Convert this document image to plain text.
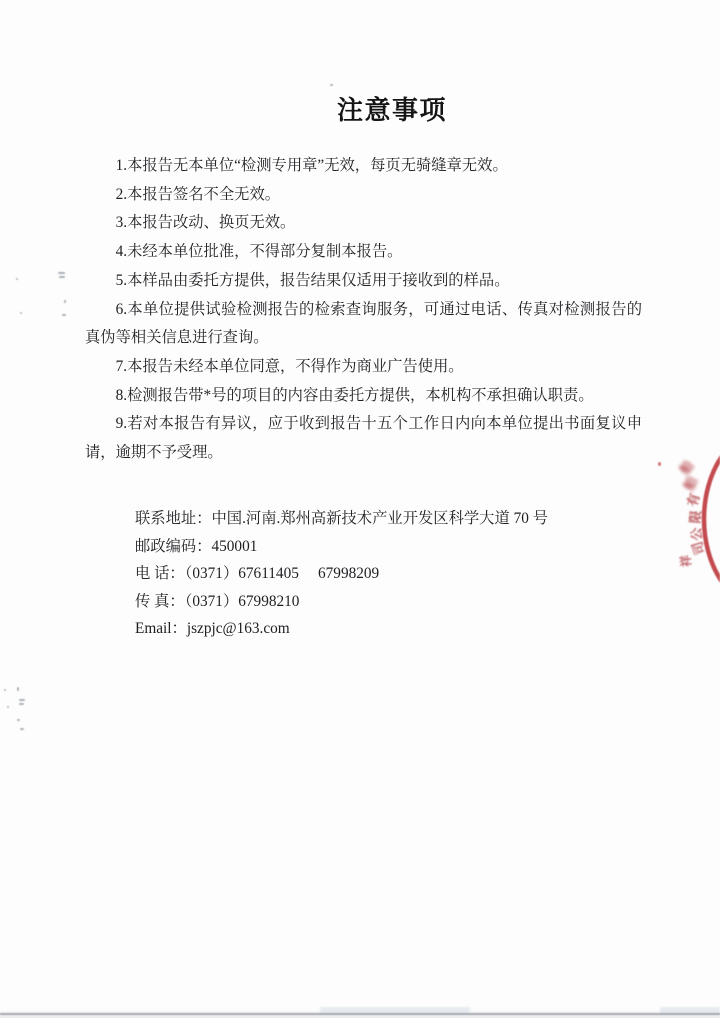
注意事项

1.本报告无本单位“检测专用章”无效，每页无骑缝章无效。

2.本报告签名不全无效。

3.本报告改动、换页无效。

4.未经本单位批准，不得部分复制本报告。

5.本样品由委托方提供，报告结果仅适用于接收到的样品。

6.本单位提供试验检测报告的检索查询服务，可通过电话、传真对检测报告的真伪等相关信息进行查询。

7.本报告未经本单位同意，不得作为商业广告使用。

8.检测报告带*号的项目的内容由委托方提供，本机构不承担确认职责。

9.若对本报告有异议，应于收到报告十五个工作日内向本单位提出书面复议申请，逾期不予受理。

联系地址：中国.河南.郑州高新技术产业开发区科学大道 70 号
邮政编码：450001
电 话：（0371）67611405　 67998209
传 真：（0371）67998210
Email：jszpjc@163.com
船
舶
有
限
公
司
祥
